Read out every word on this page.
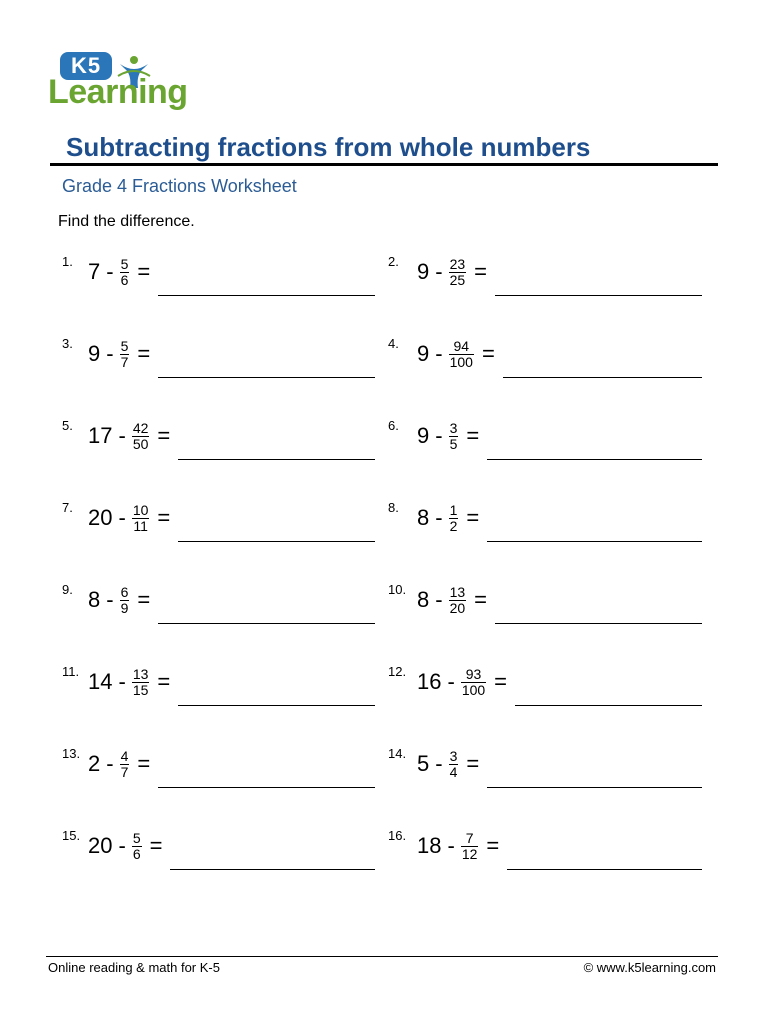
K5
Learning
Subtracting fractions from whole numbers
Grade 4 Fractions Worksheet
Find the difference.
1. $7 - \frac{5}{6}$ =	2. $9 - \frac{23}{25}$ =
3. $9 - \frac{5}{7}$ =	4. $9 - \frac{94}{100}$ =
5. $17 - \frac{42}{50}$ =	6. $9 - \frac{3}{5}$ =
7. $20 - \frac{10}{11}$ =	8. $8 - \frac{1}{2}$ =
9. $8 - \frac{6}{9}$ =	10. $8 - \frac{13}{20}$ =
11. $14 - \frac{13}{15}$ =	12. $16 - \frac{93}{100}$ =
13. $2 - \frac{4}{7}$ =	14. $5 - \frac{3}{4}$ =
15. $20 - \frac{5}{6}$ =	16. $18 - \frac{7}{12}$ =
Online reading & math for K-5	© www.k5learning.com
